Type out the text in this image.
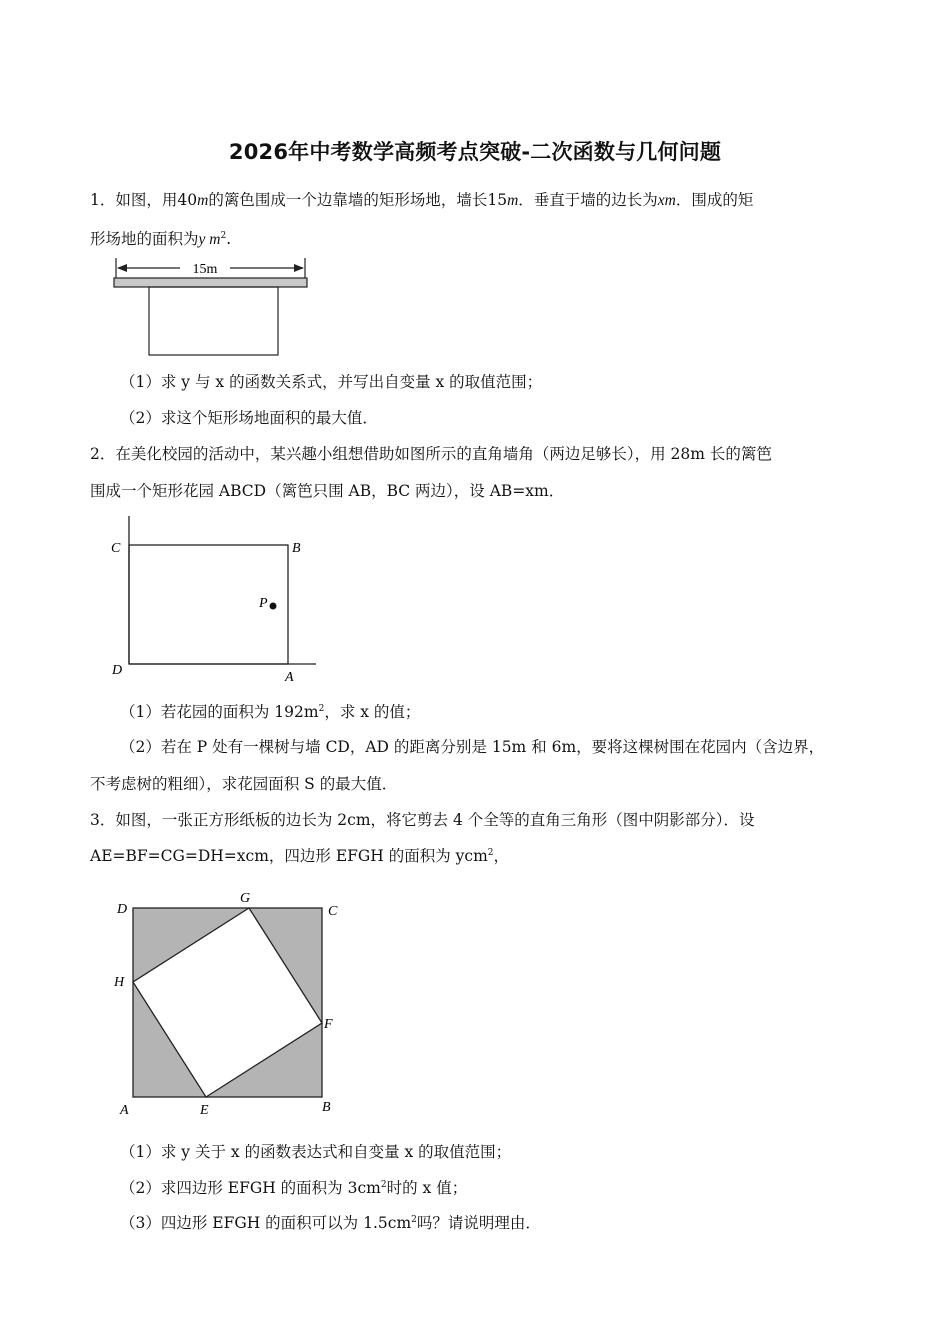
2026年中考数学高频考点突破-二次函数与几何问题
1．如图，用40m的篱色围成一个边靠墙的矩形场地，墙长15m．垂直于墙的边长为xm．围成的矩
形场地的面积为y $m^2$.
15m
（1）求 y 与 x 的函数关系式，并写出自变量 x 的取值范围；
（2）求这个矩形场地面积的最大值．
2．在美化校园的活动中，某兴趣小组想借助如图所示的直角墙角（两边足够长），用 28m 长的篱笆
围成一个矩形花园 ABCD（篱笆只围 AB，BC 两边），设 AB=xm．
C	B
P
D	A
（1）若花园的面积为 $192m^2$，求 x 的值；
（2）若在 P 处有一棵树与墙 CD，AD 的距离分别是 15m 和 6m，要将这棵树围在花园内（含边界，
不考虑树的粗细），求花园面积 S 的最大值．
3．如图，一张正方形纸板的边长为 2cm，将它剪去 4 个全等的直角三角形（图中阴影部分）．设
AE=BF=CG=DH=xcm，四边形 EFGH 的面积为 ycm$^2$，
D
G
C
H
F
A	E	B
（1）求 y 关于 x 的函数表达式和自变量 x 的取值范围；
（2）求四边形 EFGH 的面积为 $3cm^2$时的 x 值；
（3）四边形 EFGH 的面积可以为 $1.5cm^2$吗？请说明理由．
